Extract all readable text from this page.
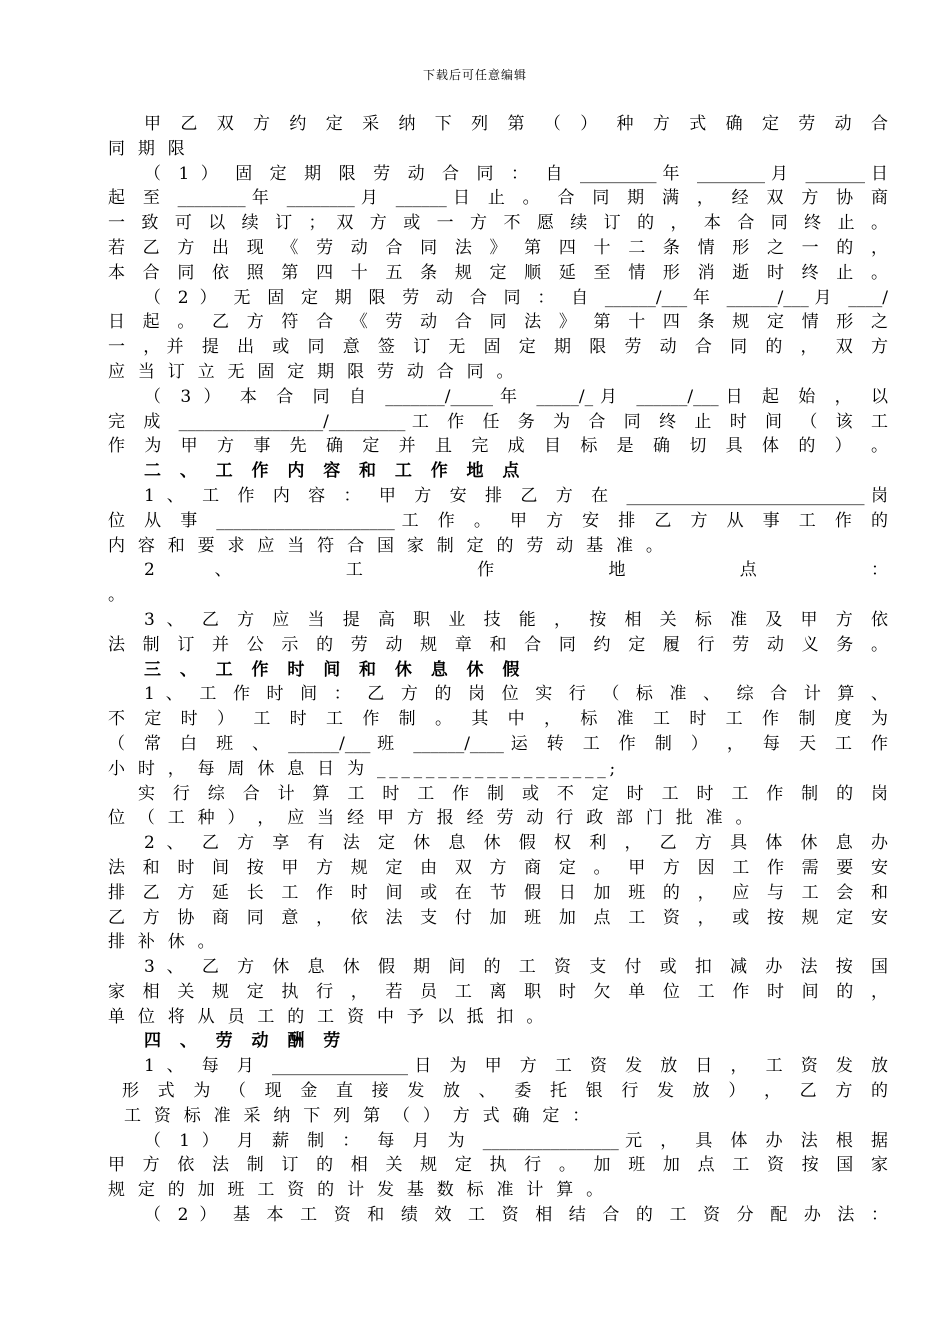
下载后可任意编辑
甲 乙 双 方 约 定 采 纳 下 列 第 （ ） 种 方 式 确 定 劳 动 合
同 期 限
（ 1 ） 固 定 期 限 劳 动 合 同 ： 自 _________年 ________月 _______日
起 至 ________年 ________月 ______日 止 。 合 同 期 满 ， 经 双 方 协 商
一 致 可 以 续 订 ； 双 方 或 一 方 不 愿 续 订 的 ， 本 合 同 终 止 。
若 乙 方 出 现 《 劳 动 合 同 法 》 第 四 十 二 条 情 形 之 一 的 ，
本 合 同 依 照 第 四 十 五 条 规 定 顺 延 至 情 形 消 逝 时 终 止 。
（ 2 ） 无 固 定 期 限 劳 动 合 同 ： 自 ______/___年 ______/___月 ____/
日 起 。 乙 方 符 合 《 劳 动 合 同 法 》 第 十 四 条 规 定 情 形 之
一 ，并 提 出 或 同 意 签 订 无 固 定 期 限 劳 动 合 同 的 ， 双 方
应 当 订 立 无 固 定 期 限 劳 动 合 同 。
（ 3 ） 本 合 同 自 _______/_____年 _____/_月 ______/___日 起 始 ， 以
完 成 _________________/_________工 作 任 务 为 合 同 终 止 时 间 （ 该 工
作 为 甲 方 事 先 确 定 并 且 完 成 目 标 是 确 切 具 体 的 ） 。
二 、 工 作 内 容 和 工 作 地 点
1 、 工 作 内 容 ： 甲 方 安 排 乙 方 在 ____________________________岗
位 从 事 _____________________工 作 。 甲 方 安 排 乙 方 从 事 工 作 的
内 容 和 要 求 应 当 符 合 国 家 制 定 的 劳 动 基 准 。
2 、 工 作 地 点 ：
。
3 、 乙 方 应 当 提 高 职 业 技 能 ， 按 相 关 标 准 及 甲 方 依
法 制 订 并 公 示 的 劳 动 规 章 和 合 同 约 定 履 行 劳 动 义 务 。
三 、 工 作 时 间 和 休 息 休 假
1 、 工 作 时 间 ： 乙 方 的 岗 位 实 行 （ 标 准 、 综 合 计 算 、
不 定 时 ） 工 时 工 作 制 。 其 中 ， 标 准 工 时 工 作 制 度 为
（ 常 白 班 、 ______/___班 ______/____运 转 工 作 制 ） ， 每 天 工 作
小 时 ， 每 周 休 息 日 为 ___________________;
实 行 综 合 计 算 工 时 工 作 制 或 不 定 时 工 时 工 作 制 的 岗
位 （ 工 种 ） ， 应 当 经 甲 方 报 经 劳 动 行 政 部 门 批 准 。
2 、 乙 方 享 有 法 定 休 息 休 假 权 利 ， 乙 方 具 体 休 息 办
法 和 时 间 按 甲 方 规 定 由 双 方 商 定 。 甲 方 因 工 作 需 要 安
排 乙 方 延 长 工 作 时 间 或 在 节 假 日 加 班 的 ， 应 与 工 会 和
乙 方 协 商 同 意 ， 依 法 支 付 加 班 加 点 工 资 ， 或 按 规 定 安
排 补 休 。
3 、 乙 方 休 息 休 假 期 间 的 工 资 支 付 或 扣 减 办 法 按 国
家 相 关 规 定 执 行 ， 若 员 工 离 职 时 欠 单 位 工 作 时 间 的 ，
单 位 将 从 员 工 的 工 资 中 予 以 抵 扣 。
四 、 劳 动 酬 劳
1 、 每 月 ________________日 为 甲 方 工 资 发 放 日 ， 工 资 发 放
形 式 为 （ 现 金 直 接 发 放 、 委 托 银 行 发 放 ） ， 乙 方 的
工 资 标 准 采 纳 下 列 第 （ ） 方 式 确 定 ：
（ 1 ） 月 薪 制 ： 每 月 为 ________________元 ， 具 体 办 法 根 据
甲 方 依 法 制 订 的 相 关 规 定 执 行 。 加 班 加 点 工 资 按 国 家
规 定 的 加 班 工 资 的 计 发 基 数 标 准 计 算 。
（ 2 ） 基 本 工 资 和 绩 效 工 资 相 结 合 的 工 资 分 配 办 法 ：
